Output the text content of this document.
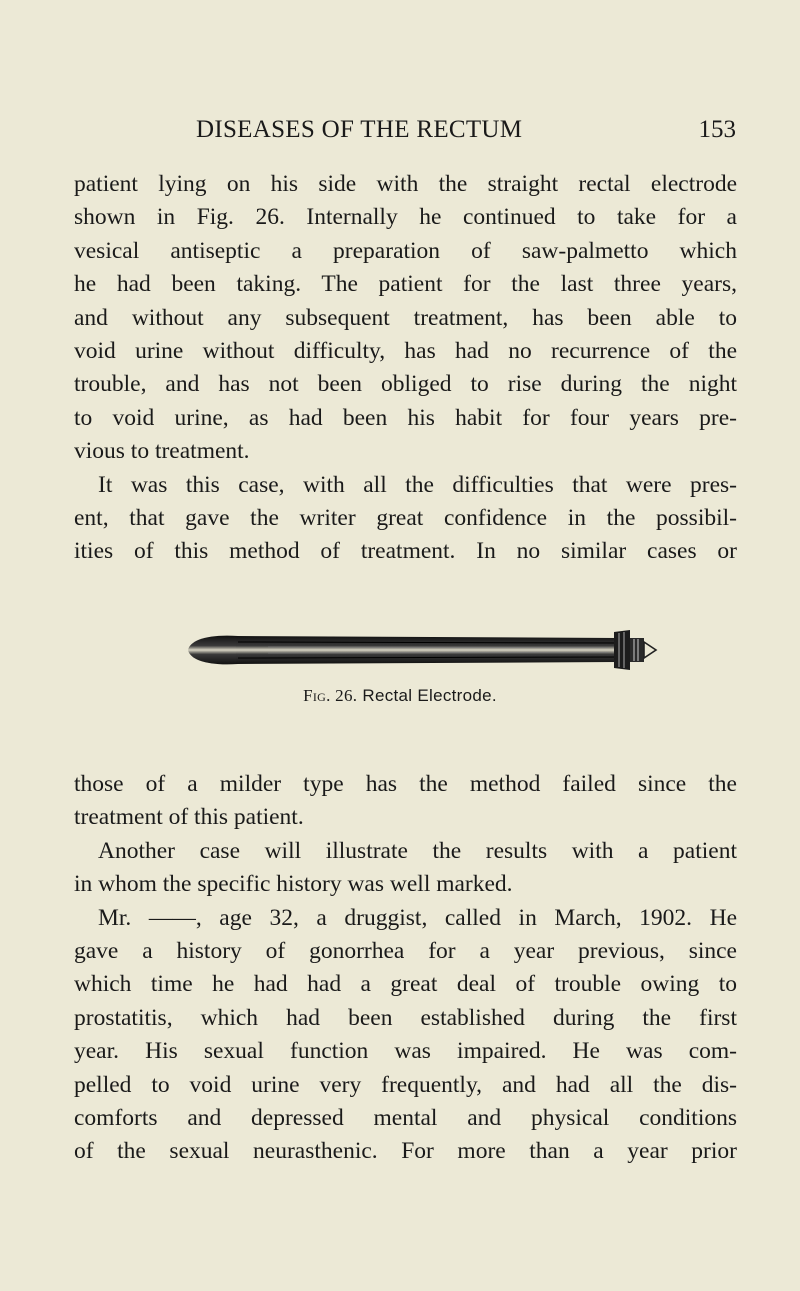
DISEASES OF THE RECTUM	153
patient lying on his side with the straight rectal electrode
shown in Fig. 26. Internally he continued to take for a
vesical antiseptic a preparation of saw-palmetto which
he had been taking. The patient for the last three years,
and without any subsequent treatment, has been able to
void urine without difficulty, has had no recurrence of the
trouble, and has not been obliged to rise during the night
to void urine, as had been his habit for four years pre-
vious to treatment.
It was this case, with all the difficulties that were pres-
ent, that gave the writer great confidence in the possibil-
ities of this method of treatment. In no similar cases or
Fig. 26. Rectal Electrode.
those of a milder type has the method failed since the
treatment of this patient.
Another case will illustrate the results with a patient
in whom the specific history was well marked.
Mr. ——, age 32, a druggist, called in March, 1902. He
gave a history of gonorrhea for a year previous, since
which time he had had a great deal of trouble owing to
prostatitis, which had been established during the first
year. His sexual function was impaired. He was com-
pelled to void urine very frequently, and had all the dis-
comforts and depressed mental and physical conditions
of the sexual neurasthenic. For more than a year prior
